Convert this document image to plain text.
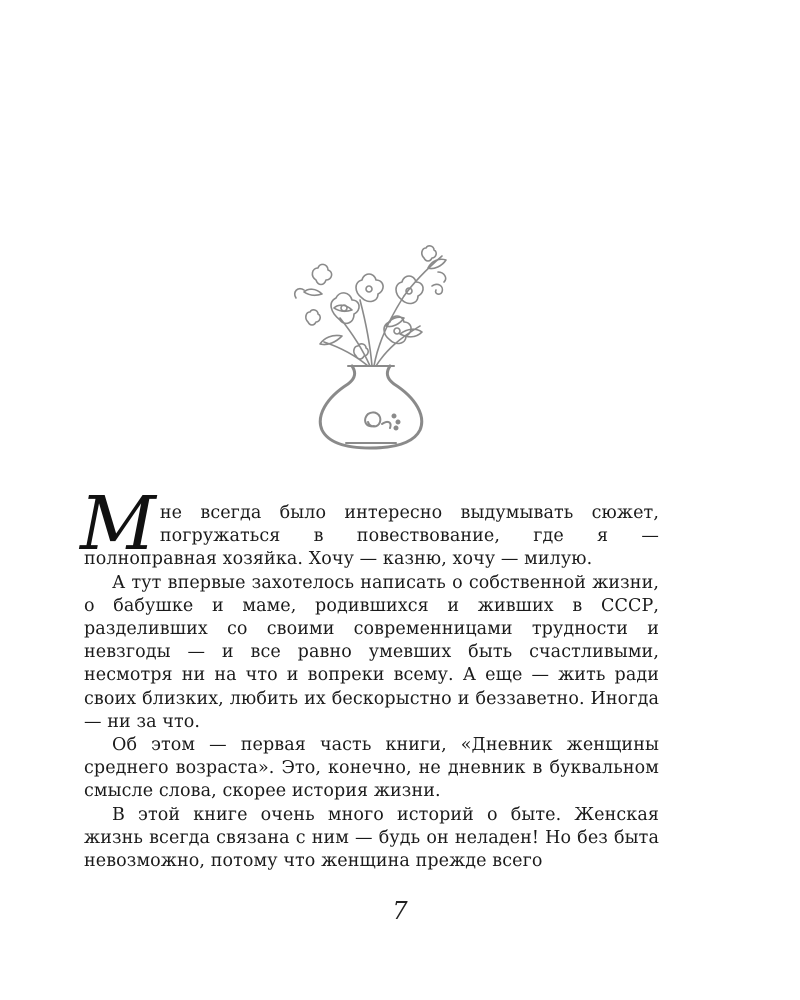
Мне всегда было интересно выдумывать сюжет, погружаться в повествование, где я — полноправная хозяйка. Хочу — казню, хочу — милую.

А тут впервые захотелось написать о собственной жизни, о бабушке и маме, родившихся и живших в СССР, разделивших со своими современницами трудности и невзгоды — и все равно умевших быть счастливыми, несмотря ни на что и вопреки всему. А еще — жить ради своих близких, любить их бескорыстно и беззаветно. Иногда — ни за что.

Об этом — первая часть книги, «Дневник женщины среднего возраста». Это, конечно, не дневник в буквальном смысле слова, скорее история жизни.

В этой книге очень много историй о быте. Женская жизнь всегда связана с ним — будь он неладен! Но без быта невозможно, потому что женщина прежде всего

7
